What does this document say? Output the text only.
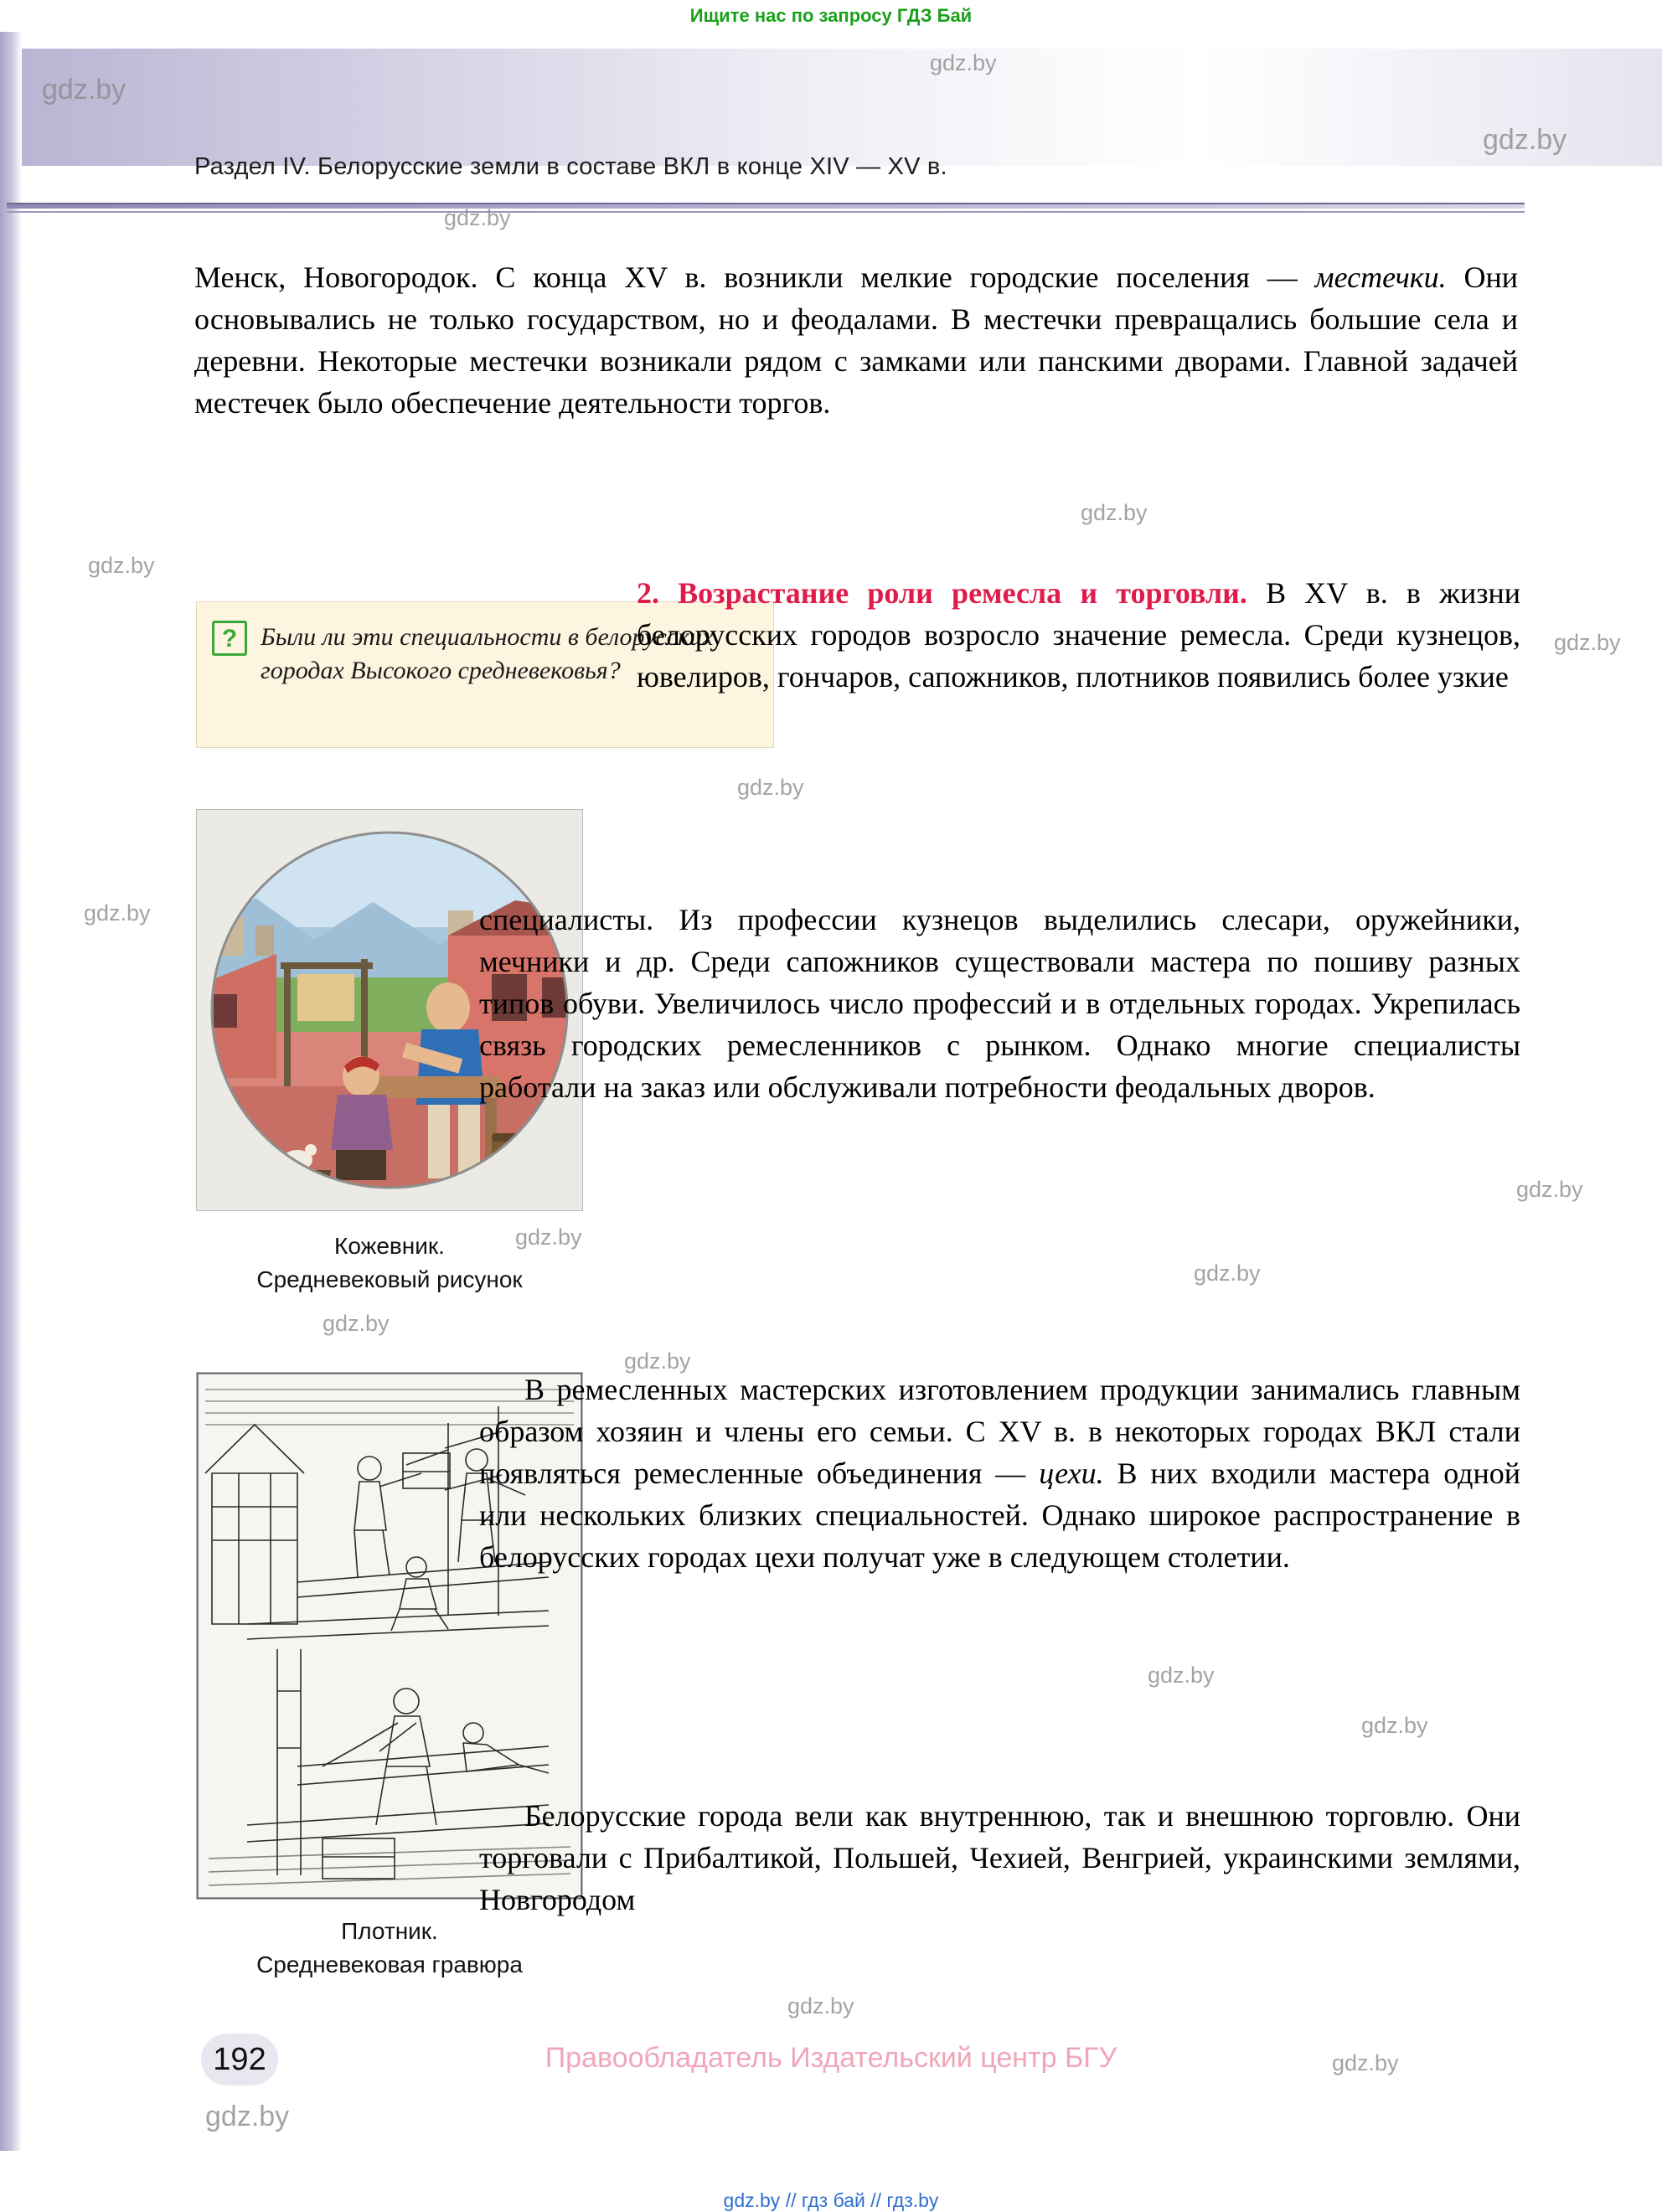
Ищите нас по запросу ГДЗ Бай
Раздел IV. Белорусские земли в составе ВКЛ в конце XIV — XV в.
Менск, Новогородок. С конца XV в. возникли мелкие городские поселения — местечки. Они основывались не только государством, но и феодалами. В местечки превращались большие села и деревни. Некоторые местечки возникали рядом с замками или панскими дворами. Главной задачей местечек было обеспечение деятельности торгов.
? Были ли эти специальности в белорусских городах Высокого средневековья?
Кожевник.
Средневековый рисунок
Плотник.
Средневековая гравюра

2. Возрастание роли ремесла и торговли. В XV в. в жизни белорусских городов возросло значение ремесла. Среди кузнецов, ювелиров, гончаров, сапожников, плотников появились более узкие

специалисты. Из профессии кузнецов выделились слесари, оружейники, мечники и др. Среди сапожников существовали мастера по пошиву разных типов обуви. Увеличилось число профессий и в отдельных городах. Укрепилась связь городских ремесленников с рынком. Однако многие специалисты работали на заказ или обслуживали потребности феодальных дворов.
В ремесленных мастерских изготовлением продукции занимались главным образом хозяин и члены его семьи. С XV в. в некоторых городах ВКЛ стали появляться ремесленные объединения — цехи. В них входили мастера одной или нескольких близких специальностей. Однако широкое распространение в белорусских городах цехи получат уже в следующем столетии.
Белорусские города вели как внутреннюю, так и внешнюю торговлю. Они торговали с Прибалтикой, Польшей, Чехией, Венгрией, украинскими землями, Новгородом
192	Правообладатель Издательский центр БГУ
gdz.by // гдз бай // гдз.by
gdz.by
gdz.by
gdz.by
gdz.by
gdz.by
gdz.by
gdz.by
gdz.by
gdz.by
gdz.by
gdz.by
gdz.by
gdz.by
gdz.by
gdz.by
gdz.by
gdz.by
gdz.by
gdz.by
